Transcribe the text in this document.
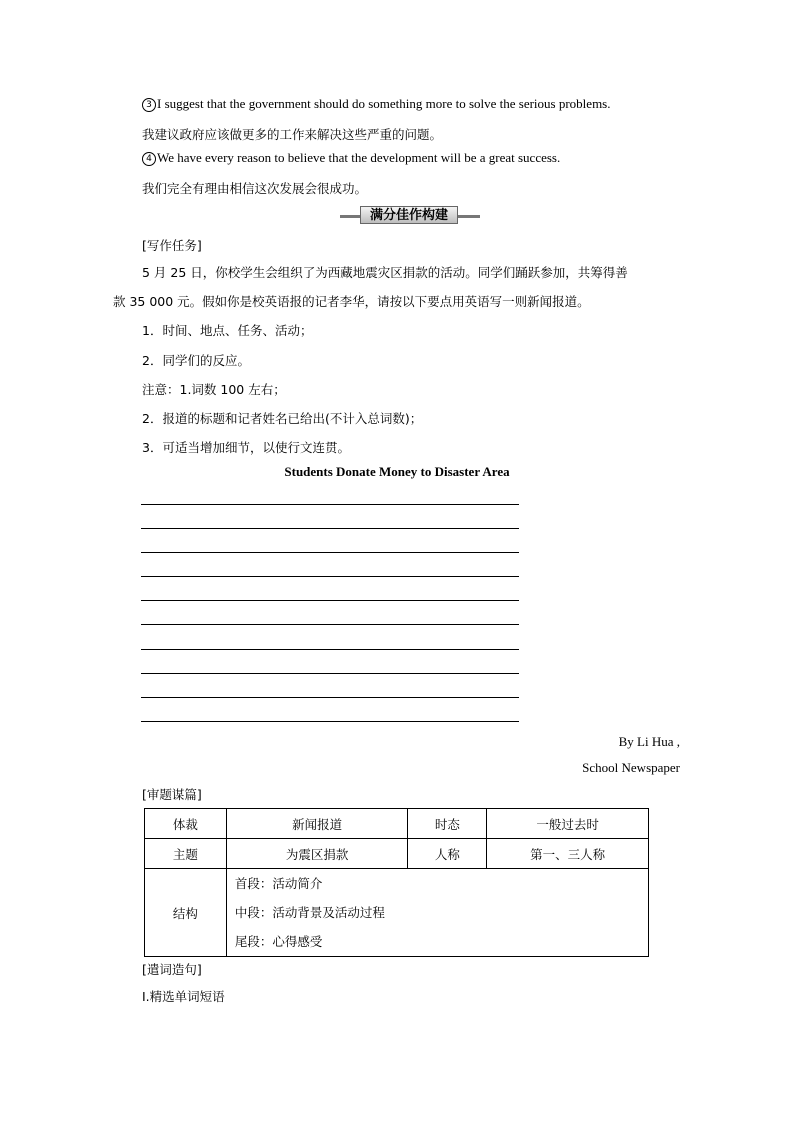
3 I suggest that the government should do something more to solve the serious problems.
我建议政府应该做更多的工作来解决这些严重的问题。
4 We have every reason to believe that the development will be a great success.
我们完全有理由相信这次发展会很成功。
满分佳作构建
[写作任务]
5 月 25 日，你校学生会组织了为西藏地震灾区捐款的活动。同学们踊跃参加，共筹得善
款 35 000 元。假如你是校英语报的记者李华，请按以下要点用英语写一则新闻报道。
1．时间、地点、任务、活动；
2．同学们的反应。
注意：1.词数 100 左右；
2．报道的标题和记者姓名已给出(不计入总词数)；
3．可适当增加细节，以使行文连贯。
Students Donate Money to Disaster Area
By Li Hua ,
School Newspaper
[审题谋篇]
体裁	新闻报道	时态	一般过去时
主题	为震区捐款	人称	第一、三人称
结构	首段：活动简介
中段：活动背景及活动过程
尾段：心得感受		
[遣词造句]
Ⅰ.精选单词短语
